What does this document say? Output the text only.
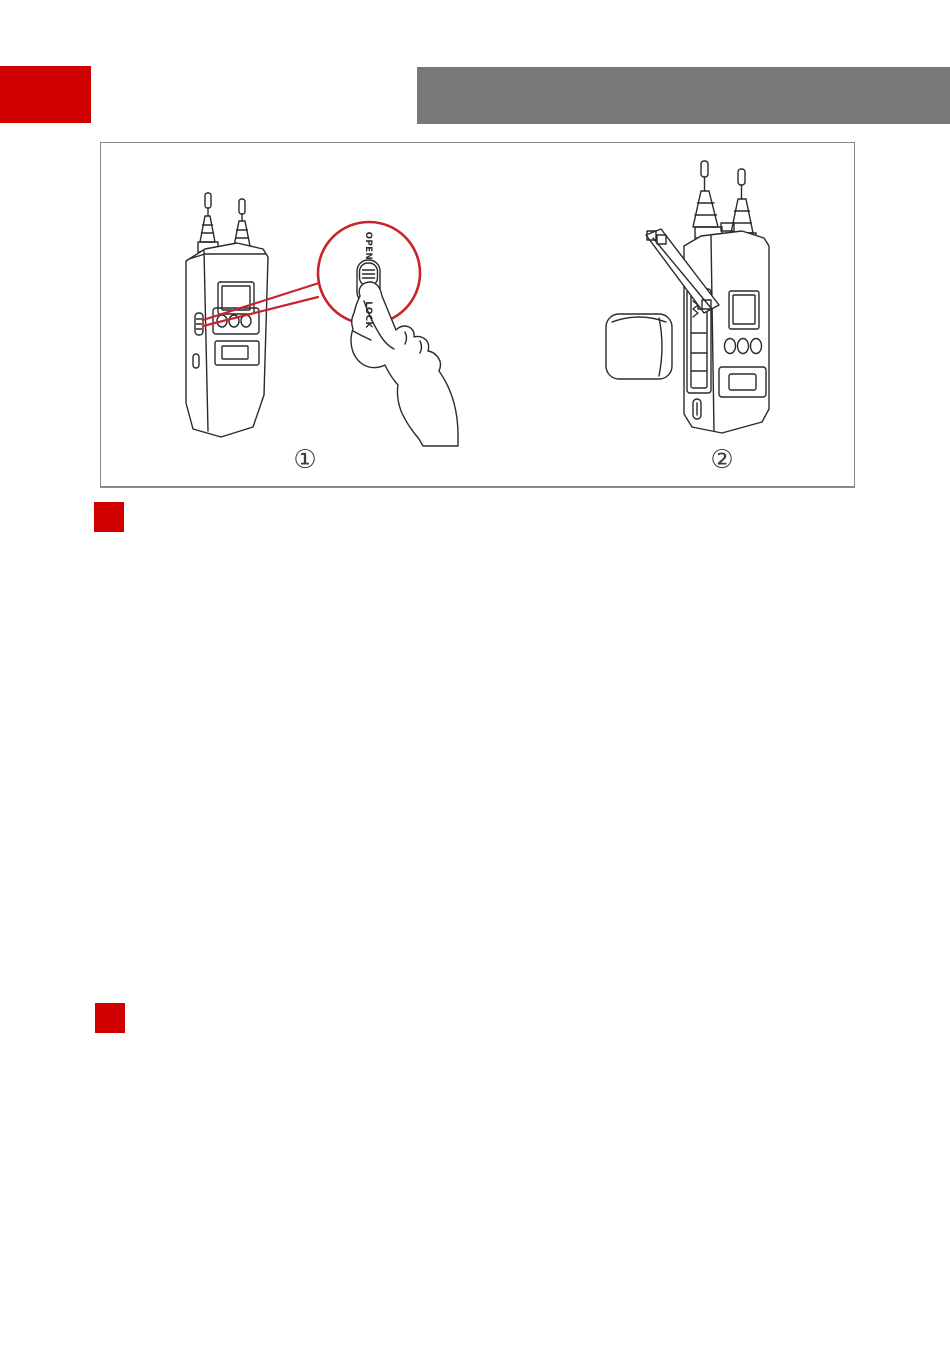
OPEN
LOCK
①	②
